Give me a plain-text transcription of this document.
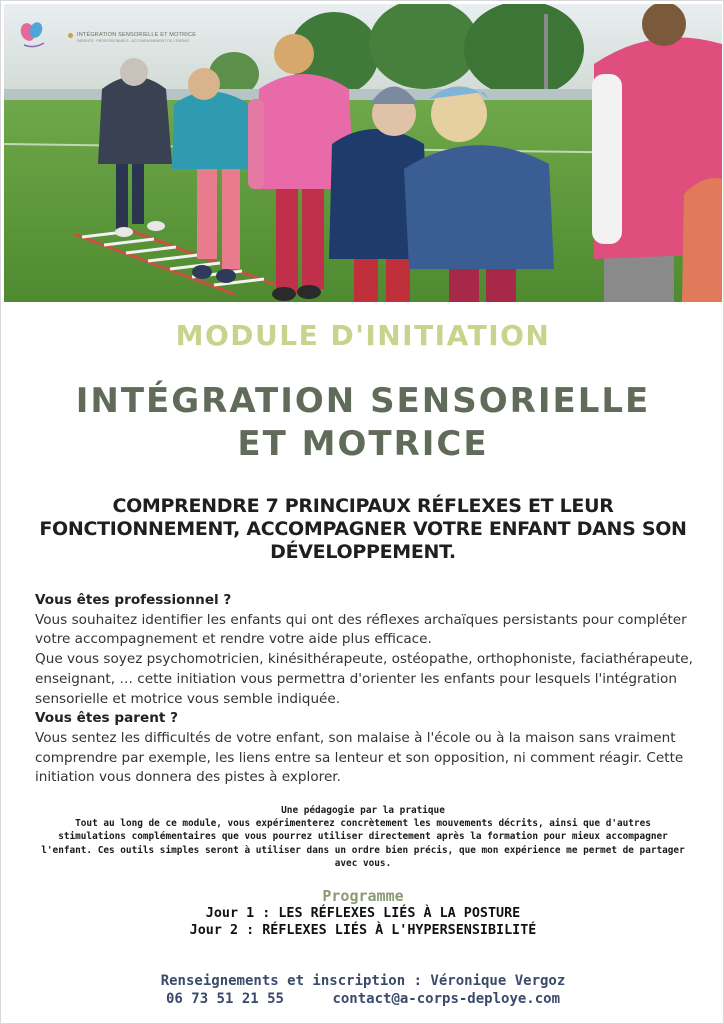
INTÉGRATION SENSORIELLE ET MOTRICE
PARENTS · PROFESSIONNELS · ACCOMPAGNEMENT DE L'ENFANT
MODULE D'INITIATION
INTÉGRATION SENSORIELLE
ET MOTRICE
COMPRENDRE 7 PRINCIPAUX RÉFLEXES ET LEUR FONCTIONNEMENT, ACCOMPAGNER VOTRE ENFANT DANS SON DÉVELOPPEMENT.
Vous êtes professionnel ?
Vous souhaitez identifier les enfants qui ont des réflexes archaïques persistants pour compléter votre accompagnement et rendre votre aide plus efficace.
Que vous soyez psychomotricien, kinésithérapeute, ostéopathe, orthophoniste, faciathérapeute, enseignant, … cette initiation vous permettra d'orienter les enfants pour lesquels l'intégration sensorielle et motrice vous semble indiquée.
Vous êtes parent ?
Vous sentez les difficultés de votre enfant, son malaise à l'école ou à la maison sans vraiment comprendre par exemple, les liens entre sa lenteur et son opposition, ni comment réagir. Cette initiation vous donnera des pistes à explorer.
Une pédagogie par la pratique
Tout au long de ce module, vous expérimenterez concrètement les mouvements décrits, ainsi que d'autres stimulations complémentaires que vous pourrez utiliser directement après la formation pour mieux accompagner l'enfant. Ces outils simples seront à utiliser dans un ordre bien précis, que mon expérience me permet de partager avec vous.
Programme
Jour 1 : LES RÉFLEXES LIÉS À LA POSTURE
Jour 2 : RÉFLEXES LIÉS À L'HYPERSENSIBILITÉ
Renseignements et inscription : Véronique Vergoz
06 73 51 21 55	contact@a-corps-deploye.com
